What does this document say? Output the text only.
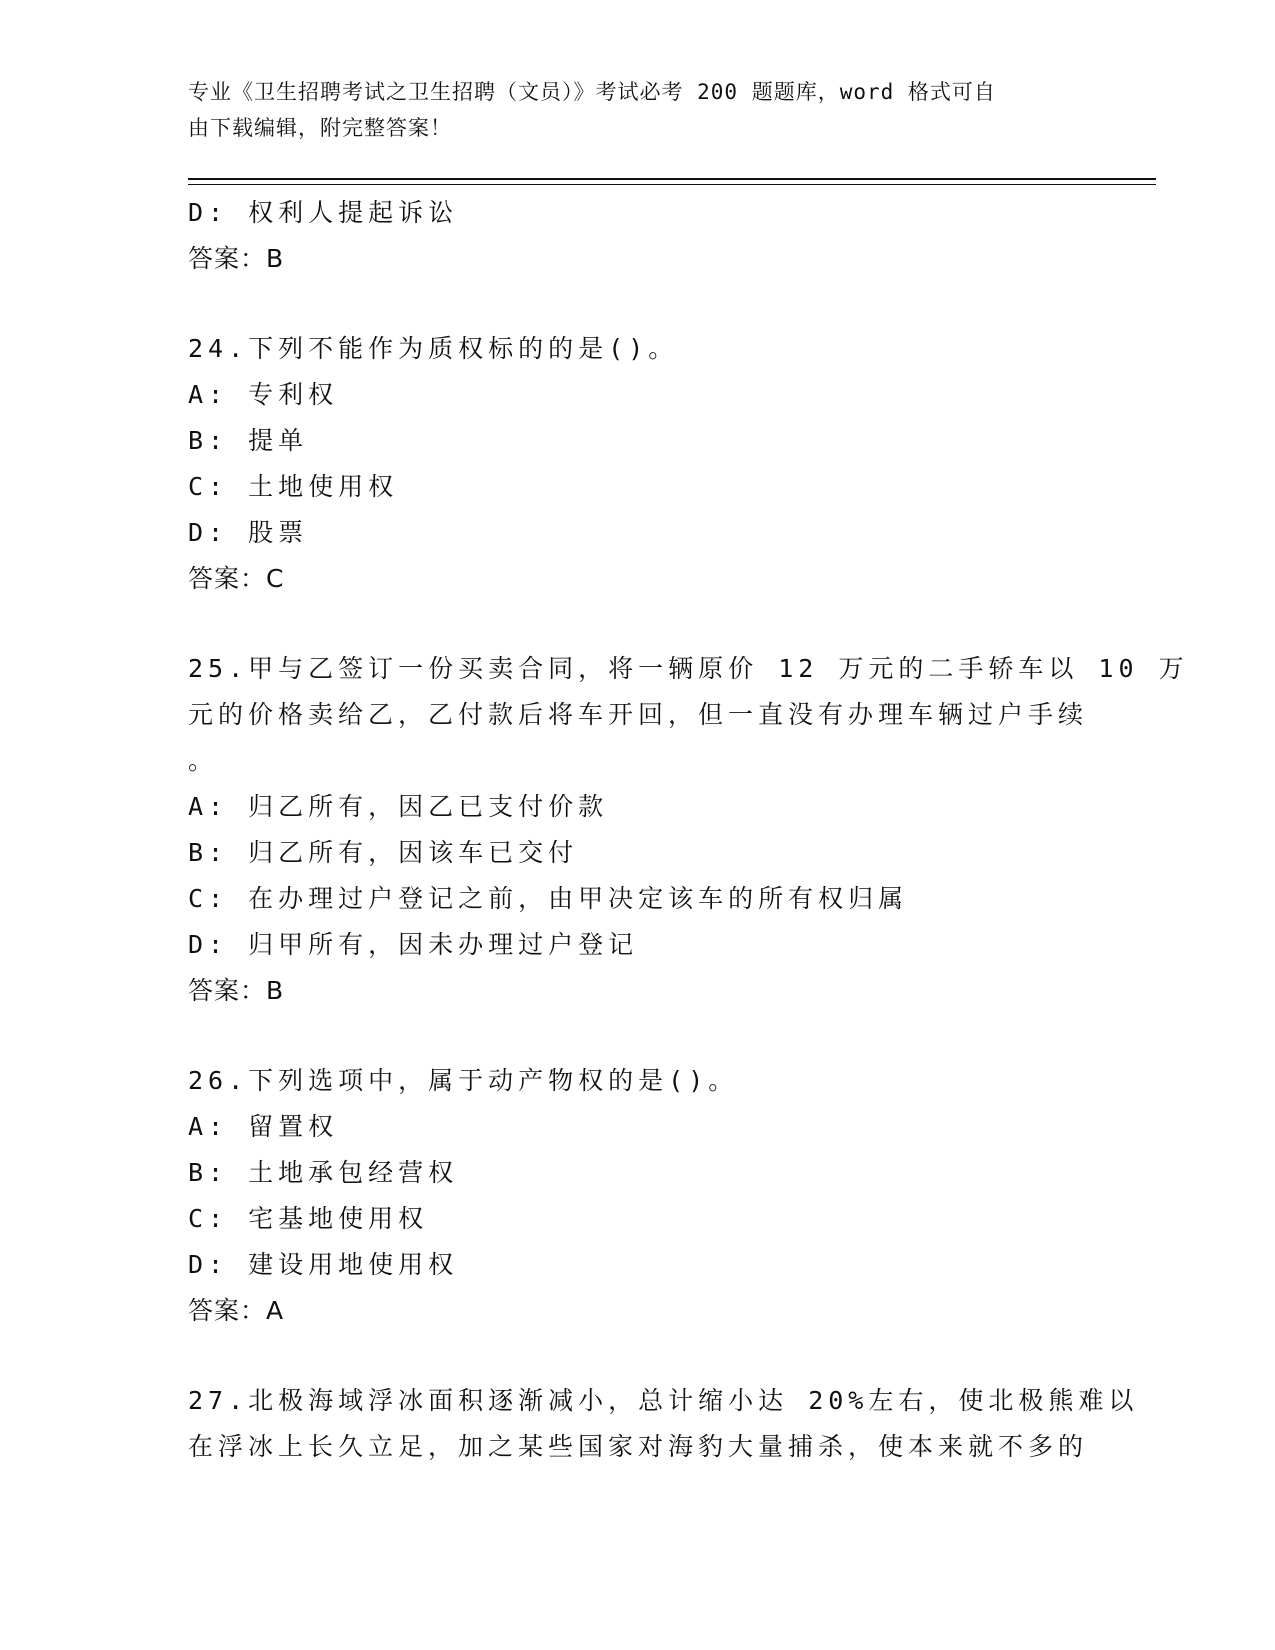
专业《卫生招聘考试之卫生招聘（文员）》考试必考 200 题题库，word 格式可自
由下载编辑，附完整答案！
D: 权利人提起诉讼
答案：B
24.下列不能作为质权标的的是()。
A: 专利权
B: 提单
C: 土地使用权
D: 股票
答案：C
25.甲与乙签订一份买卖合同，将一辆原价 12 万元的二手轿车以 10 万
元的价格卖给乙，乙付款后将车开回，但一直没有办理车辆过户手续
。
A: 归乙所有，因乙已支付价款
B: 归乙所有，因该车已交付
C: 在办理过户登记之前，由甲决定该车的所有权归属
D: 归甲所有，因未办理过户登记
答案：B
26.下列选项中，属于动产物权的是()。
A: 留置权
B: 土地承包经营权
C: 宅基地使用权
D: 建设用地使用权
答案：A
27.北极海域浮冰面积逐渐减小，总计缩小达 20%左右，使北极熊难以
在浮冰上长久立足，加之某些国家对海豹大量捕杀，使本来就不多的
